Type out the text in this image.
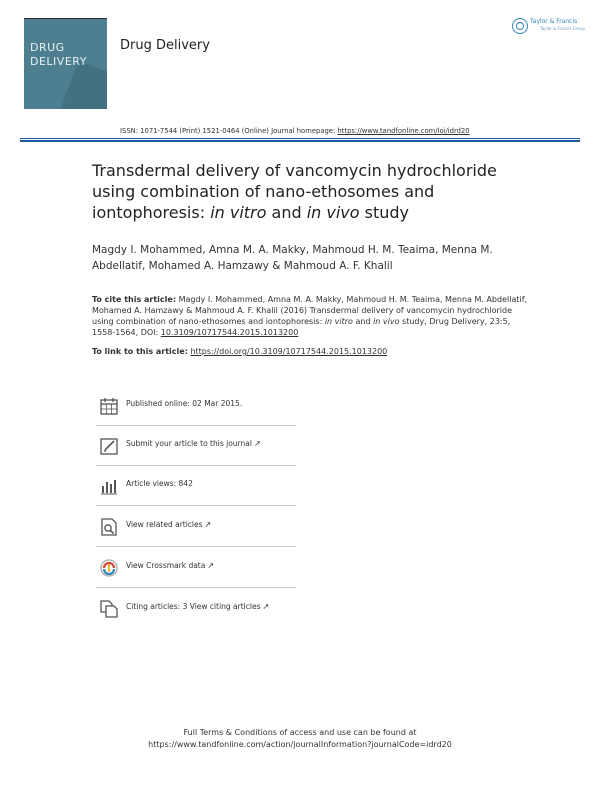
DRUG
DELIVERY
Drug Delivery
Taylor & Francis
Taylor & Francis Group
ISSN: 1071-7544 (Print) 1521-0464 (Online) Journal homepage: https://www.tandfonline.com/loi/idrd20
Transdermal delivery of vancomycin hydrochloride using combination of nano-ethosomes and iontophoresis: in vitro and in vivo study
Magdy I. Mohammed, Amna M. A. Makky, Mahmoud H. M. Teaima, Menna M. Abdellatif, Mohamed A. Hamzawy & Mahmoud A. F. Khalil
To cite this article: Magdy I. Mohammed, Amna M. A. Makky, Mahmoud H. M. Teaima, Menna M. Abdellatif, Mohamed A. Hamzawy & Mahmoud A. F. Khalil (2016) Transdermal delivery of vancomycin hydrochloride using combination of nano-ethosomes and iontophoresis: in vitro and in vivo study, Drug Delivery, 23:5, 1558-1564, DOI: 10.3109/10717544.2015.1013200
To link to this article: https://doi.org/10.3109/10717544.2015.1013200
Published online: 02 Mar 2015.
Submit your article to this journal ↗
Article views: 842
View related articles ↗
View Crossmark data ↗
Citing articles: 3 View citing articles ↗
Full Terms & Conditions of access and use can be found at
https://www.tandfonline.com/action/journalInformation?journalCode=idrd20
